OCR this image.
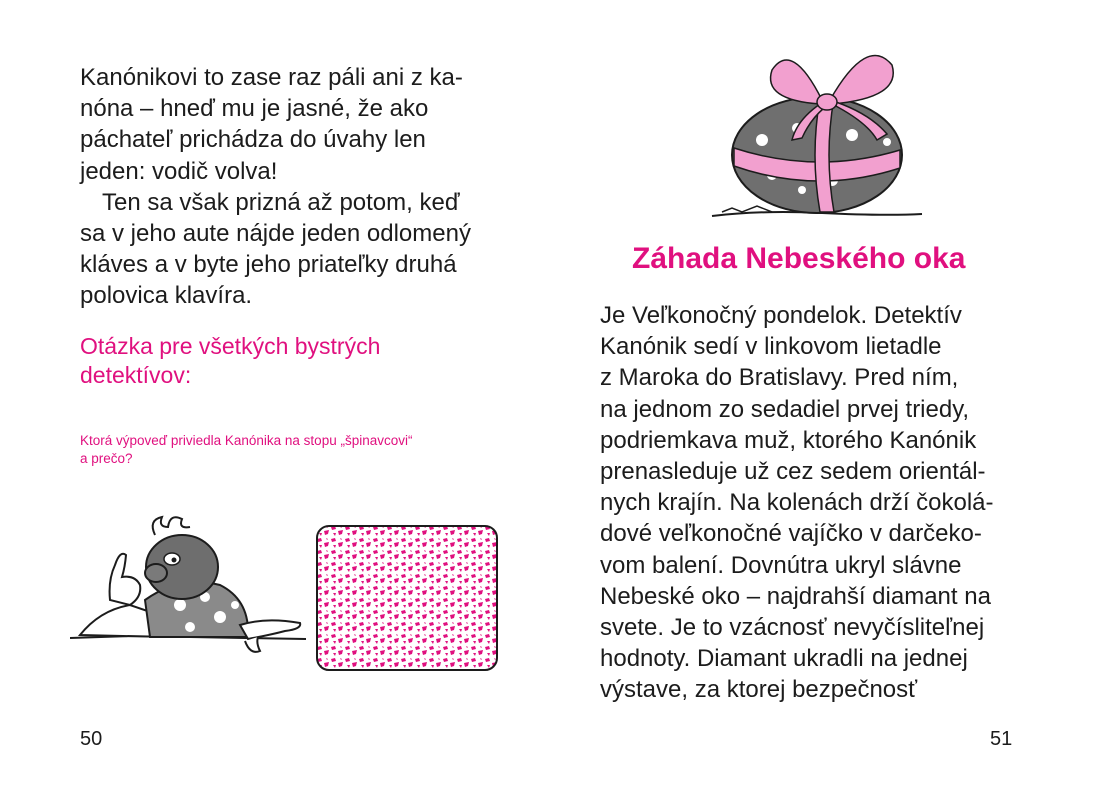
Kanónikovi to zase raz páli ani z ka-
nóna – hneď mu je jasné, že ako
páchateľ prichádza do úvahy len
jeden: vodič volva!
Ten sa však prizná až potom, keď
sa v jeho aute nájde jeden odlomený
kláves a v byte jeho priateľky druhá
polovica klavíra.
Otázka pre všetkých bystrých
detektívov:
Ktorá výpoveď priviedla Kanónika na stopu „špinavcovi“
a prečo?
50
Záhada Nebeského oka
Je Veľkonočný pondelok. Detektív
Kanónik sedí v linkovom lietadle
z Maroka do Bratislavy. Pred ním,
na jednom zo sedadiel prvej triedy,
podriemkava muž, ktorého Kanónik
prenasleduje už cez sedem orientál-
nych krajín. Na kolenách drží čokolá-
dové veľkonočné vajíčko v darčeko-
vom balení. Dovnútra ukryl slávne
Nebeské oko – najdrahší diamant na
svete. Je to vzácnosť nevyčísliteľnej
hodnoty. Diamant ukradli na jednej
výstave, za ktorej bezpečnosť
51
